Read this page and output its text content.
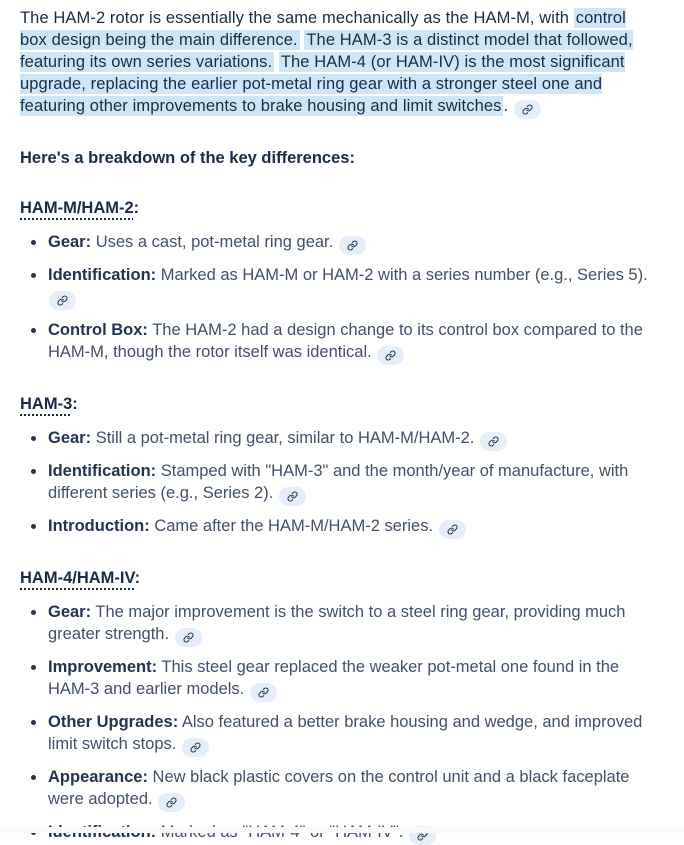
The HAM-2 rotor is essentially the same mechanically as the HAM-M, with control box design being the main difference. The HAM-3 is a distinct model that followed, featuring its own series variations. The HAM-4 (or HAM-IV) is the most significant upgrade, replacing the earlier pot-metal ring gear with a stronger steel one and featuring other improvements to brake housing and limit switches .

Here's a breakdown of the key differences:

HAM-M/HAM-2:
Gear: Uses a cast, pot-metal ring gear.
Identification: Marked as HAM-M or HAM-2 with a series number (e.g., Series 5).
Control Box: The HAM-2 had a design change to its control box compared to the HAM-M, though the rotor itself was identical.
HAM-3:
Gear: Still a pot-metal ring gear, similar to HAM-M/HAM-2.
Identification: Stamped with "HAM-3" and the month/year of manufacture, with different series (e.g., Series 2).
Introduction: Came after the HAM-M/HAM-2 series.
HAM-4/HAM-IV:
Gear: The major improvement is the switch to a steel ring gear, providing much greater strength.
Improvement: This steel gear replaced the weaker pot-metal one found in the HAM-3 and earlier models.
Other Upgrades: Also featured a better brake housing and wedge, and improved limit switch stops.
Appearance: New black plastic covers on the control unit and a black faceplate were adopted.
